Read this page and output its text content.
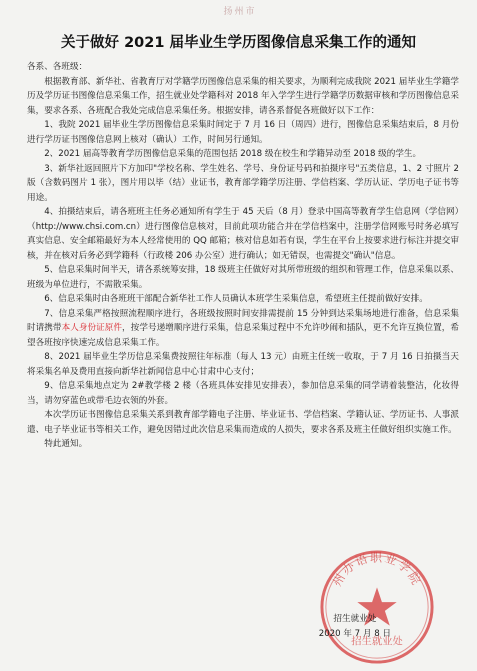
扬州市
关于做好 2021 届毕业生学历图像信息采集工作的通知

各系、各班级：

根据教育部、新华社、省教育厅对学籍学历图像信息采集的相关要求，为顺利完成我院 2021 届毕业生学籍学历及学历证书图像信息采集工作，招生就业处学籍科对 2018 年入学学生进行学籍学历数据审核和学历图像信息采集，要求各系、各班配合我处完成信息采集任务。根据安排，请各系督促各班做好以下工作：

1、我院 2021 届毕业生学历图像信息采集时间定于 7 月 16 日（周四）进行，图像信息采集结束后，8 月份进行学历证书图像信息网上核对（确认）工作，时间另行通知。

2、2021 届高等教育学历图像信息采集的范围包括 2018 级在校生和学籍异动至 2018 级的学生。

3、新华社返回照片下方加印"学校名称、学生姓名、学号、身份证号码和拍摄序号"五类信息，1、2 寸照片 2 版（含数码图片 1 张），图片用以毕（结）业证书，教育部学籍学历注册、学信档案、学历认证、学历电子证书等用途。

4、拍摄结束后，请各班班主任务必通知所有学生于 45 天后（8 月）登录中国高等教育学生信息网（学信网）（http://www.chsi.com.cn）进行图像信息核对，目前此项功能合并在学信档案中，注册学信网账号时务必填写真实信息、安全邮箱最好为本人经常使用的 QQ 邮箱；核对信息如若有误，学生在平台上按要求进行标注并提交审核，并在核对后务必到学籍科（行政楼 206 办公室）进行确认；如无错误，也需提交"确认"信息。

5、信息采集时间半天，请各系统筹安排，18 级班主任做好对其所带班级的组织和管理工作，信息采集以系、班级为单位进行，不需散采集。

6、信息采集时由各班班干部配合新华社工作人员确认本班学生采集信息，希望班主任提前做好安排。

7、信息采集严格按照流程顺序进行，各班级按照时间安排需提前 15 分钟到达采集场地进行准备，信息采集时请携带本人身份证原件，按学号递增顺序进行采集，信息采集过程中不允许吵闹和插队，更不允许互换位置，希望各班按序快速完成信息采集工作。

8、2021 届毕业生学历信息采集费按照往年标准（每人 13 元）由班主任统一收取，于 7 月 16 日拍摄当天将采集名单及费用直接向新华社新闻信息中心甘肃中心支付；

9、信息采集地点定为 2#教学楼 2 楼（各班具体安排见安排表），参加信息采集的同学请着装整洁，化妆得当，请勿穿蓝色或带毛边衣领的外套。

本次学历证书图像信息采集关系到教育部学籍电子注册、毕业证书、学信档案、学籍认证、学历证书、人事派遣、电子毕业证书等相关工作，避免因错过此次信息采集而造成的人损失，要求各系及班主任做好组织实施工作。

特此通知。

州办语职业学院
招生就业处
招生就业处
2020 年 7 月 8 日
